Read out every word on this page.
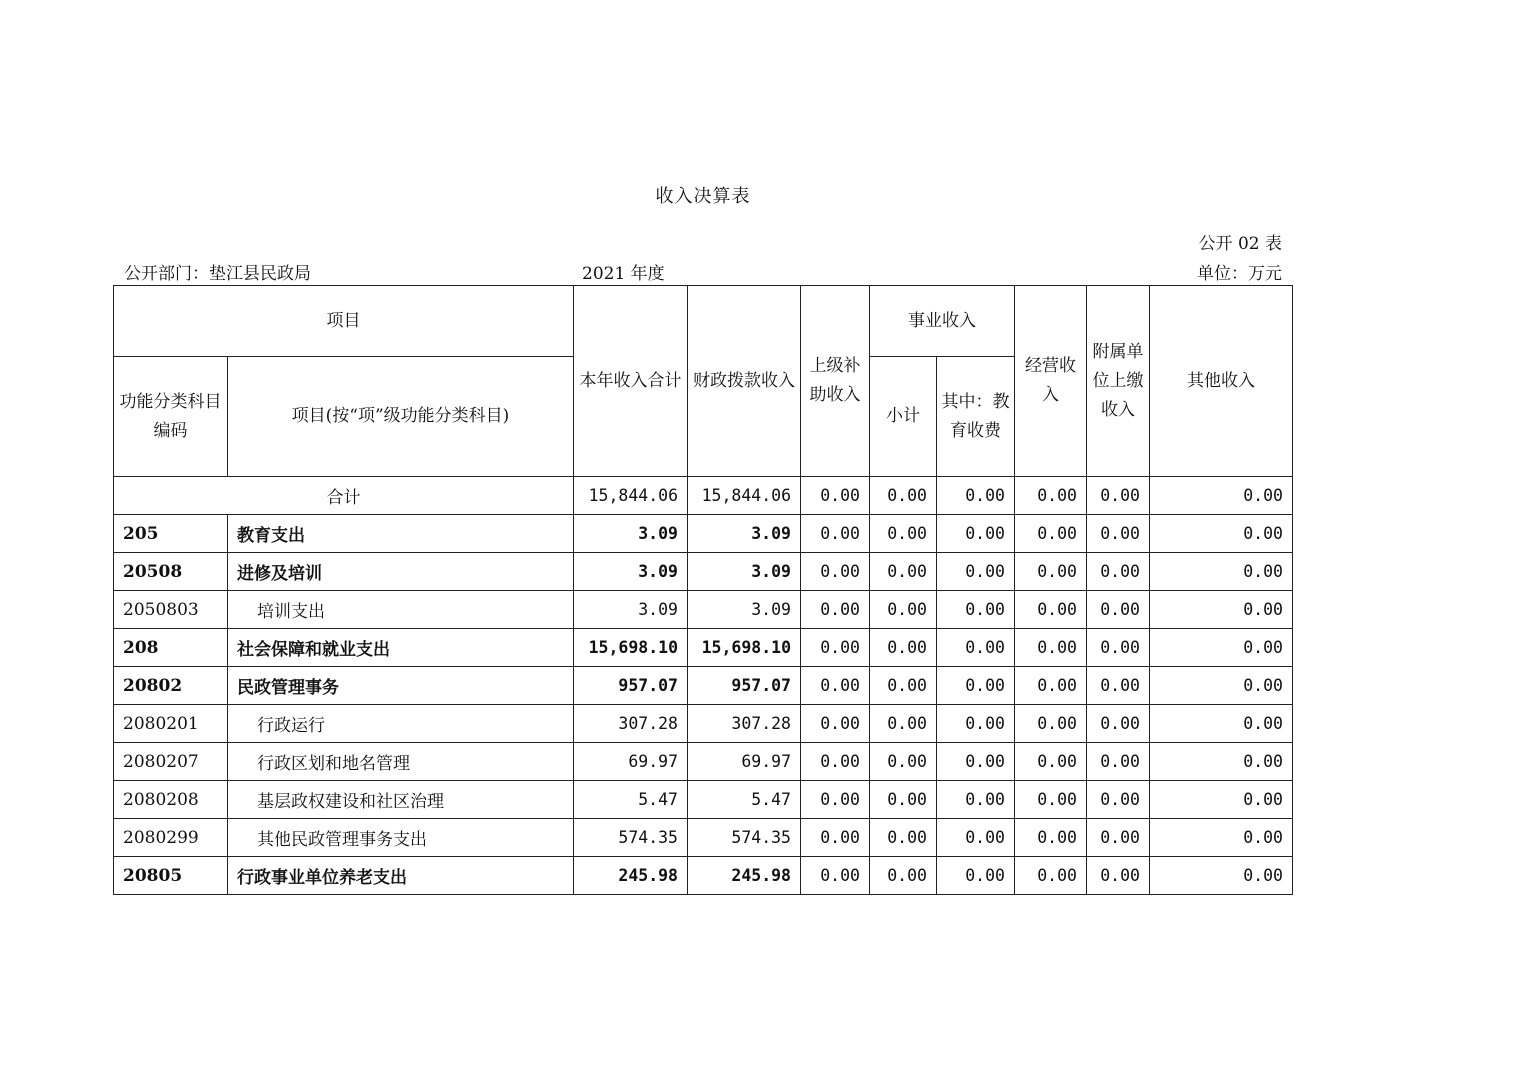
收入决算表
公开 02 表
公开部门：垫江县民政局	2021 年度	单位：万元
项目		本年收入合计	财政拨款收入	上级补助收入	事业收入		经营收入	附属单位上缴收入	其他收入
功能分类科目编码	项目(按“项”级功能分类科目)				小计	其中：教育收费			

合计		15,844.06	15,844.06	0.00	0.00	0.00	0.00	0.00	0.00
205	教育支出	3.09	3.09	0.00	0.00	0.00	0.00	0.00	0.00
20508	进修及培训	3.09	3.09	0.00	0.00	0.00	0.00	0.00	0.00
2050803	培训支出	3.09	3.09	0.00	0.00	0.00	0.00	0.00	0.00
208	社会保障和就业支出	15,698.10	15,698.10	0.00	0.00	0.00	0.00	0.00	0.00
20802	民政管理事务	957.07	957.07	0.00	0.00	0.00	0.00	0.00	0.00
2080201	行政运行	307.28	307.28	0.00	0.00	0.00	0.00	0.00	0.00
2080207	行政区划和地名管理	69.97	69.97	0.00	0.00	0.00	0.00	0.00	0.00
2080208	基层政权建设和社区治理	5.47	5.47	0.00	0.00	0.00	0.00	0.00	0.00
2080299	其他民政管理事务支出	574.35	574.35	0.00	0.00	0.00	0.00	0.00	0.00
20805	行政事业单位养老支出	245.98	245.98	0.00	0.00	0.00	0.00	0.00	0.00
